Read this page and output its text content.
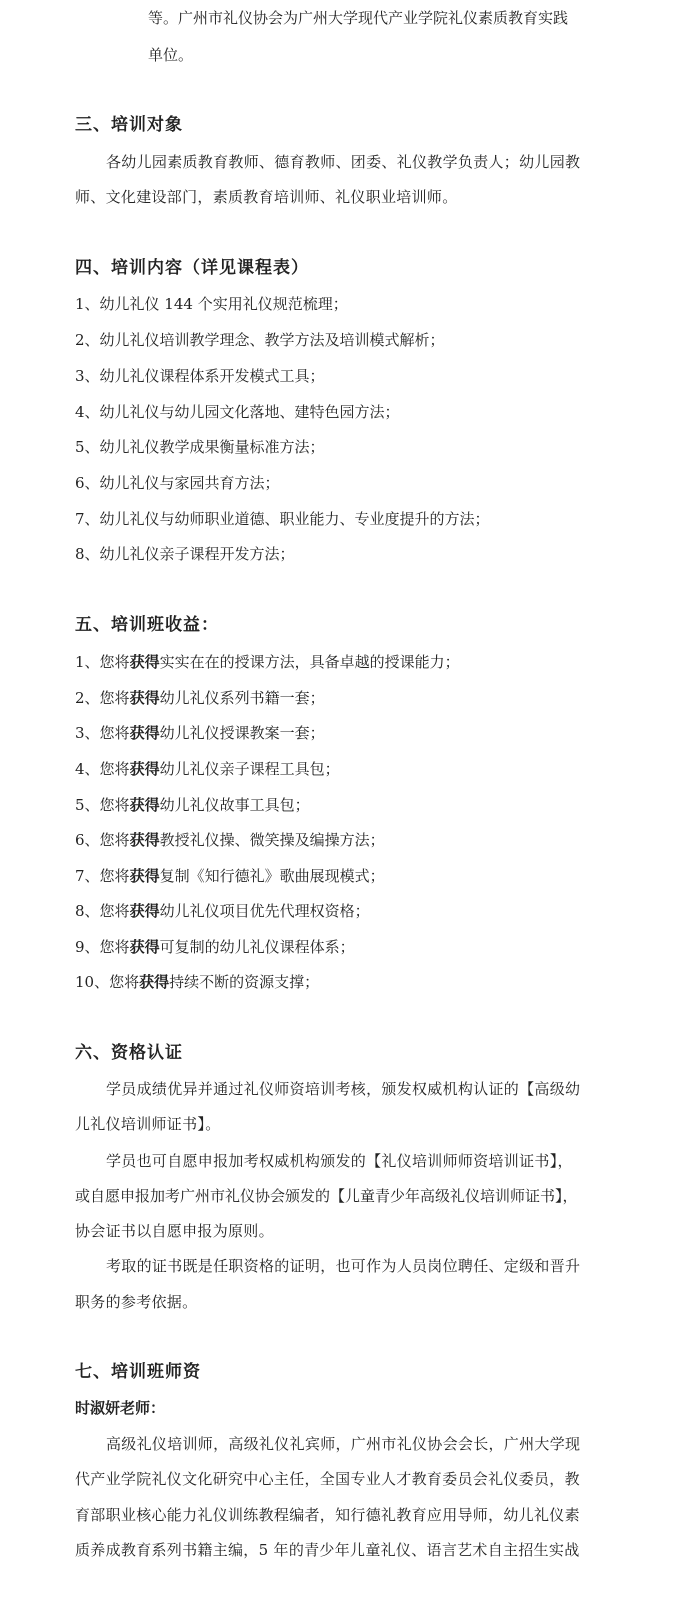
等。广州市礼仪协会为广州大学现代产业学院礼仪素质教育实践
单位。
三、培训对象
各幼儿园素质教育教师、德育教师、团委、礼仪教学负责人；幼儿园教
师、文化建设部门，素质教育培训师、礼仪职业培训师。
四、培训内容（详见课程表）
1、幼儿礼仪 144 个实用礼仪规范梳理；
2、幼儿礼仪培训教学理念、教学方法及培训模式解析；
3、幼儿礼仪课程体系开发模式工具；
4、幼儿礼仪与幼儿园文化落地、建特色园方法；
5、幼儿礼仪教学成果衡量标准方法；
6、幼儿礼仪与家园共育方法；
7、幼儿礼仪与幼师职业道德、职业能力、专业度提升的方法；
8、幼儿礼仪亲子课程开发方法；
五、培训班收益：
1、您将获得实实在在的授课方法，具备卓越的授课能力；
2、您将获得幼儿礼仪系列书籍一套；
3、您将获得幼儿礼仪授课教案一套；
4、您将获得幼儿礼仪亲子课程工具包；
5、您将获得幼儿礼仪故事工具包；
6、您将获得教授礼仪操、微笑操及编操方法；
7、您将获得复制《知行德礼》歌曲展现模式；
8、您将获得幼儿礼仪项目优先代理权资格；
9、您将获得可复制的幼儿礼仪课程体系；
10、您将获得持续不断的资源支撑；
六、资格认证
学员成绩优异并通过礼仪师资培训考核，颁发权威机构认证的【高级幼
儿礼仪培训师证书】。
学员也可自愿申报加考权威机构颁发的【礼仪培训师师资培训证书】，
或自愿申报加考广州市礼仪协会颁发的【儿童青少年高级礼仪培训师证书】，
协会证书以自愿申报为原则。
考取的证书既是任职资格的证明，也可作为人员岗位聘任、定级和晋升
职务的参考依据。
七、培训班师资
时淑妍老师：
高级礼仪培训师，高级礼仪礼宾师，广州市礼仪协会会长，广州大学现
代产业学院礼仪文化研究中心主任，全国专业人才教育委员会礼仪委员，教
育部职业核心能力礼仪训练教程编者，知行德礼教育应用导师，幼儿礼仪素
质养成教育系列书籍主编，5 年的青少年儿童礼仪、语言艺术自主招生实战
